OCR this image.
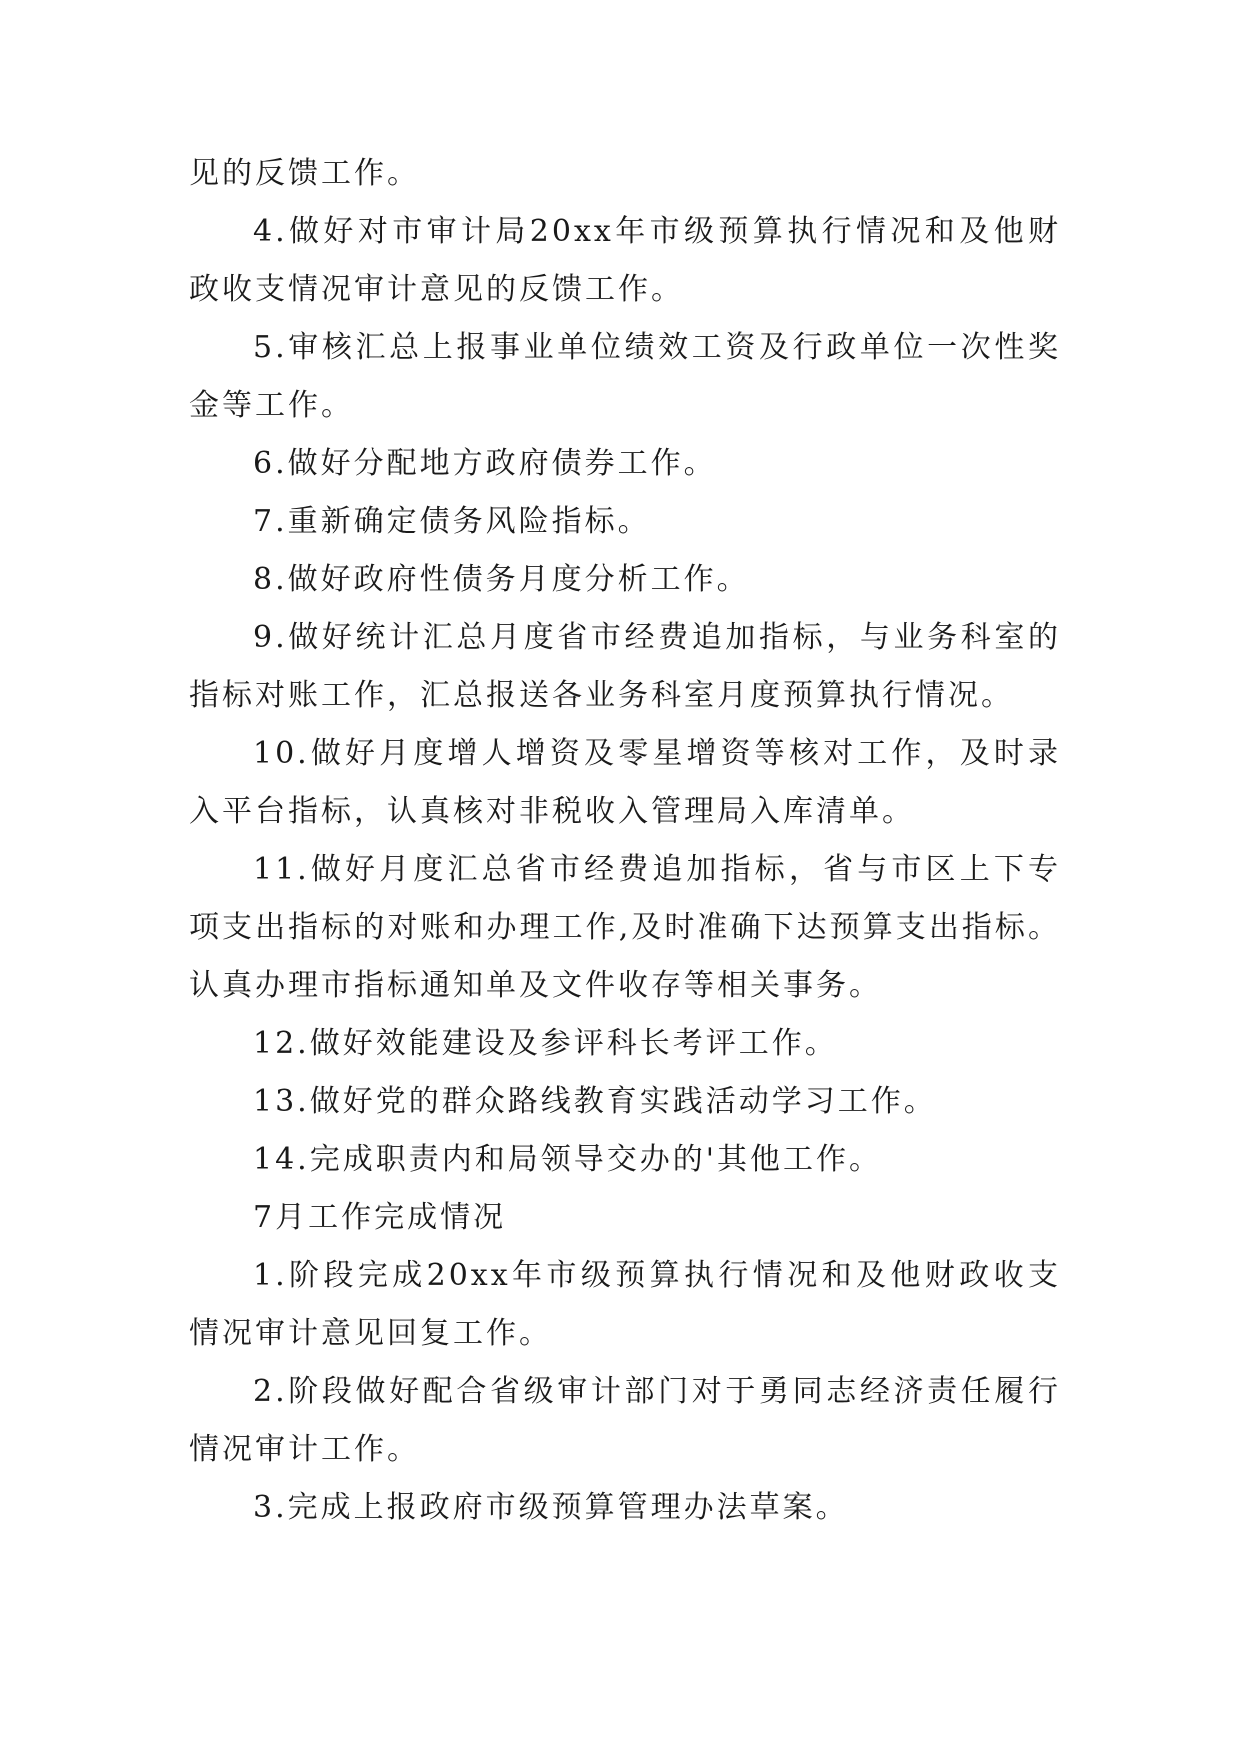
见的反馈工作。

4.做好对市审计局20xx年市级预算执行情况和及他财政收支情况审计意见的反馈工作。

5.审核汇总上报事业单位绩效工资及行政单位一次性奖金等工作。

6.做好分配地方政府债券工作。

7.重新确定债务风险指标。

8.做好政府性债务月度分析工作。

9.做好统计汇总月度省市经费追加指标，与业务科室的指标对账工作，汇总报送各业务科室月度预算执行情况。

10.做好月度增人增资及零星增资等核对工作，及时录入平台指标，认真核对非税收入管理局入库清单。

11.做好月度汇总省市经费追加指标，省与市区上下专项支出指标的对账和办理工作,及时准确下达预算支出指标。认真办理市指标通知单及文件收存等相关事务。

12.做好效能建设及参评科长考评工作。

13.做好党的群众路线教育实践活动学习工作。

14.完成职责内和局领导交办的'其他工作。

7月工作完成情况

1.阶段完成20xx年市级预算执行情况和及他财政收支情况审计意见回复工作。

2.阶段做好配合省级审计部门对于勇同志经济责任履行情况审计工作。

3.完成上报政府市级预算管理办法草案。
